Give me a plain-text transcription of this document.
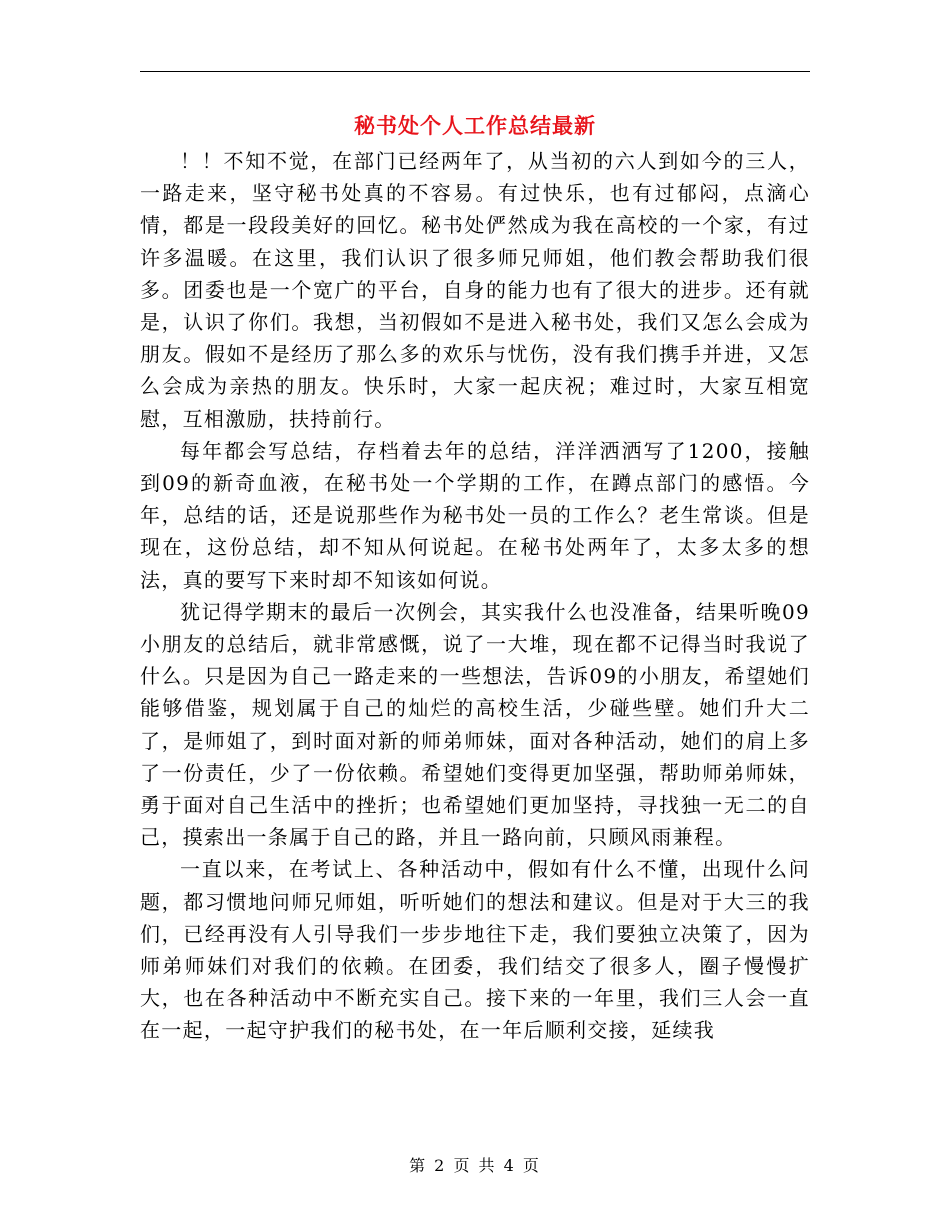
秘书处个人工作总结最新

！！不知不觉，在部门已经两年了，从当初的六人到如今的三人，一路走来，坚守秘书处真的不容易。有过快乐，也有过郁闷，点滴心情，都是一段段美好的回忆。秘书处俨然成为我在高校的一个家，有过许多温暖。在这里，我们认识了很多师兄师姐，他们教会帮助我们很多。团委也是一个宽广的平台，自身的能力也有了很大的进步。还有就是，认识了你们。我想，当初假如不是进入秘书处，我们又怎么会成为朋友。假如不是经历了那么多的欢乐与忧伤，没有我们携手并进，又怎么会成为亲热的朋友。快乐时，大家一起庆祝；难过时，大家互相宽慰，互相激励，扶持前行。

每年都会写总结，存档着去年的总结，洋洋洒洒写了1200，接触到09的新奇血液，在秘书处一个学期的工作，在蹲点部门的感悟。今年，总结的话，还是说那些作为秘书处一员的工作么？老生常谈。但是现在，这份总结，却不知从何说起。在秘书处两年了，太多太多的想法，真的要写下来时却不知该如何说。

犹记得学期末的最后一次例会，其实我什么也没准备，结果听晚09小朋友的总结后，就非常感慨，说了一大堆，现在都不记得当时我说了什么。只是因为自己一路走来的一些想法，告诉09的小朋友，希望她们能够借鉴，规划属于自己的灿烂的高校生活，少碰些壁。她们升大二了，是师姐了，到时面对新的师弟师妹，面对各种活动，她们的肩上多了一份责任，少了一份依赖。希望她们变得更加坚强，帮助师弟师妹，勇于面对自己生活中的挫折；也希望她们更加坚持，寻找独一无二的自己，摸索出一条属于自己的路，并且一路向前，只顾风雨兼程。

一直以来，在考试上、各种活动中，假如有什么不懂，出现什么问题，都习惯地问师兄师姐，听听她们的想法和建议。但是对于大三的我们，已经再没有人引导我们一步步地往下走，我们要独立决策了，因为师弟师妹们对我们的依赖。在团委，我们结交了很多人，圈子慢慢扩大，也在各种活动中不断充实自己。接下来的一年里，我们三人会一直在一起，一起守护我们的秘书处，在一年后顺利交接，延续我

第 2 页 共 4 页
